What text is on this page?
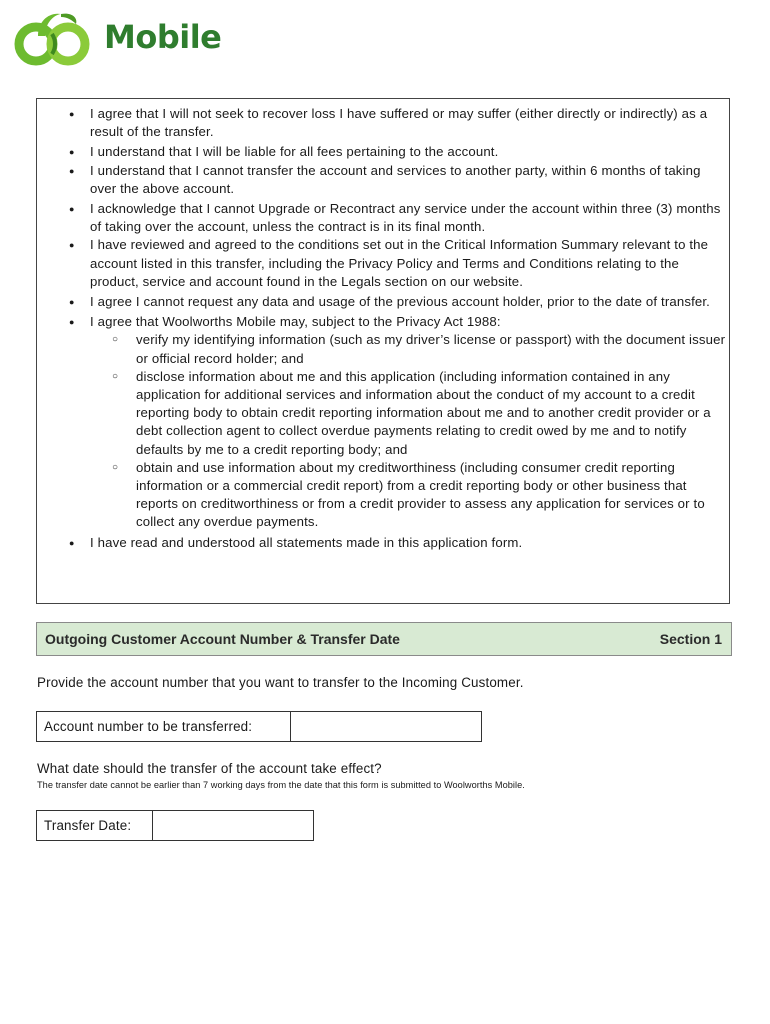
Mobile
● I agree that I will not seek to recover loss I have suffered or may suffer (either directly or indirectly) as a result of the transfer.
● I understand that I will be liable for all fees pertaining to the account.
● I understand that I cannot transfer the account and services to another party, within 6 months of taking over the above account.
● I acknowledge that I cannot Upgrade or Recontract any service under the account within three (3) months of taking over the account, unless the contract is in its final month.
● I have reviewed and agreed to the conditions set out in the Critical Information Summary relevant to the account listed in this transfer, including the Privacy Policy and Terms and Conditions relating to the product, service and account found in the Legals section on our website.
● I agree I cannot request any data and usage of the previous account holder, prior to the date of transfer.
● I agree that Woolworths Mobile may, subject to the Privacy Act 1988:
○ verify my identifying information (such as my driver’s license or passport) with the document issuer or official record holder; and
○ disclose information about me and this application (including information contained in any application for additional services and information about the conduct of my account to a credit reporting body to obtain credit reporting information about me and to another credit provider or a debt collection agent to collect overdue payments relating to credit owed by me and to notify defaults by me to a credit reporting body; and
○ obtain and use information about my creditworthiness (including consumer credit reporting information or a commercial credit report) from a credit reporting body or other business that reports on creditworthiness or from a credit provider to assess any application for services or to collect any overdue payments.
● I have read and understood all statements made in this application form.
Outgoing Customer Account Number & Transfer Date	Section 1
Provide the account number that you want to transfer to the Incoming Customer.
Account number to be transferred:
What date should the transfer of the account take effect?
The transfer date cannot be earlier than 7 working days from the date that this form is submitted to Woolworths Mobile.
Transfer Date:
